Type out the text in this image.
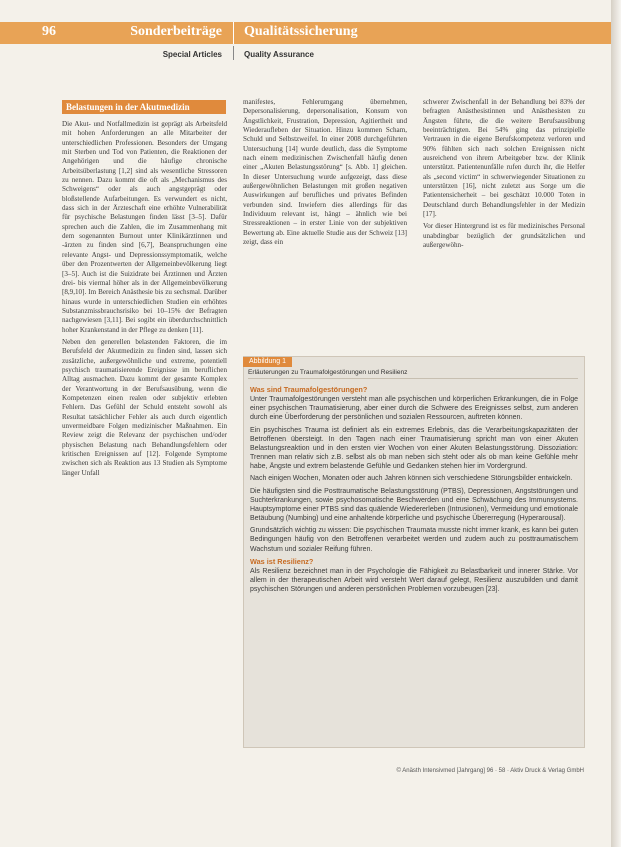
96	Sonderbeiträge Qualitätssicherung
Special Articles	Quality Assurance
Belastungen in der Akutmedizin

Die Akut- und Notfallmedizin ist geprägt als Arbeitsfeld mit hohen Anforderungen an alle Mitarbeiter der unterschiedlichen Professionen. Besonders der Umgang mit Sterben und Tod von Patienten, die Reaktionen der Angehörigen und die häufige chronische Arbeitsüberlastung [1,2] sind als wesentliche Stressoren zu nennen. Dazu kommt die oft als „Mechanismus des Schweigens“ oder als auch angstgeprägt oder bloßstellende Aufarbeitungen. Es verwundert es nicht, dass sich in der Ärzteschaft eine erhöhte Vulnerabilität für psychische Belastungen finden lässt [3–5]. Dafür sprechen auch die Zahlen, die im Zusammenhang mit dem sogenannten Burnout unter Klinikärztinnen und -ärzten zu finden sind [6,7], Beanspruchungen eine relevante Angst- und Depressionssymptomatik, welche über den Prozentwerten der Allgemeinbevölkerung liegt [3–5]. Auch ist die Suizidrate bei Ärztinnen und Ärzten drei- bis viermal höher als in der Allgemeinbevölkerung [8,9,10]. Im Bereich Anästhesie bis zu sechsmal. Darüber hinaus wurde in unterschiedlichen Studien ein erhöhtes Substanzmissbrauchsrisiko bei 10–15% der Befragten nachgewiesen [3,11]. Bei sogibt ein überdurchschnittlich hoher Krankenstand in der Pflege zu denken [11].

Neben den generellen belastenden Faktoren, die im Berufsfeld der Akutmedizin zu finden sind, lassen sich zusätzliche, außergewöhnliche und extreme, potentiell psychisch traumatisierende Ereignisse im beruflichen Alltag ausmachen. Dazu kommt der gesamte Komplex der Verantwortung in der Berufsausübung, wenn die Kompetenzen einen realen oder subjektiv erlebten Fehlern. Das Gefühl der Schuld entsteht sowohl als Resultat tatsächlicher Fehler als auch durch eigentlich unvermeidbare Folgen medizinischer Maßnahmen. Ein Review zeigt die Relevanz der psychischen und/oder physischen Belastung nach Behandlungsfehlern oder kritischen Ereignissen auf [12]. Folgende Symptome zwischen sich als Reaktion aus 13 Studien als Symptome länger Unfall

manifestes, Fehlerumgang übernehmen, Depersonalisierung, depersonalisation, Konsum von Ängstlichkeit, Frustration, Depression, Agitiertheit und Wiederaufleben der Situation. Hinzu kommen Scham, Schuld und Selbstzweifel. In einer 2008 durchgeführten Untersuchung [14] wurde deutlich, dass die Symptome nach einem medizinischen Zwischenfall häufig denen einer „Akuten Belastungsstörung“ [s. Abb. 1] gleichen. In dieser Untersuchung wurde aufgezeigt, dass diese außergewöhnlichen Belastungen mit großen negativen Auswirkungen auf berufliches und privates Befinden verbunden sind. Inwiefern dies allerdings für das Individuum relevant ist, hängt – ähnlich wie bei Stressreaktionen – in erster Linie von der subjektiven Bewertung ab. Eine aktuelle Studie aus der Schweiz [13] zeigt, dass ein

schwerer Zwischenfall in der Behandlung bei 83% der befragten Anästhesistinnen und Anästhesisten zu Ängsten führte, die die weitere Berufsausübung beeinträchtigten. Bei 54% ging das prinzipielle Vertrauen in die eigene Berufskompetenz verloren und 90% fühlten sich nach solchen Ereignissen nicht ausreichend von ihrem Arbeitgeber bzw. der Klinik unterstützt. Patientenunfälle rufen durch ihr, die Helfer als „second victim“ in schwerwiegender Situationen zu unterstützen [16], nicht zuletzt aus Sorge um die Patientensicherheit – bei geschätzt 10.000 Toten in Deutschland durch Behandlungsfehler in der Medizin [17].

Vor dieser Hintergrund ist es für medizinisches Personal unabdingbar bezüglich der grundsätzlichen und außergewöhn-

Abbildung 1
Erläuterungen zu Traumafolgestörungen und Resilienz
Was sind Traumafolgestörungen?

Unter Traumafolgestörungen versteht man alle psychischen und körperlichen Erkrankungen, die in Folge einer psychischen Traumatisierung, aber einer durch die Schwere des Ereignisses selbst, zum anderen durch eine Überforderung der persönlichen und sozialen Ressourcen, auftreten können.

Ein psychisches Trauma ist definiert als ein extremes Erlebnis, das die Verarbeitungskapazitäten der Betroffenen übersteigt. In den Tagen nach einer Traumatisierung spricht man von einer Akuten Belastungsreaktion und in den ersten vier Wochen von einer Akuten Belastungsstörung. Dissoziation: Trennen man relativ sich z.B. selbst als ob man neben sich steht oder als ob man keine Gefühle mehr habe, Ängste und extrem belastende Gefühle und Gedanken stehen hier im Vordergrund.

Nach einigen Wochen, Monaten oder auch Jahren können sich verschiedene Störungsbilder entwickeln.

Die häufigsten sind die Posttraumatische Belastungsstörung (PTBS), Depressionen, Angststörungen und Suchterkrankungen, sowie psychosomatische Beschwerden und eine Schwächung des Immunsystems. Hauptsymptome einer PTBS sind das quälende Wiedererleben (Intrusionen), Vermeidung und emotionale Betäubung (Numbing) und eine anhaltende körperliche und psychische Übererregung (Hyperarousal).

Grundsätzlich wichtig zu wissen: Die psychischen Traumata musste nicht immer krank, es kann bei guten Bedingungen häufig von den Betroffenen verarbeitet werden und zudem auch zu posttraumatischem Wachstum und sozialer Reifung führen.

Was ist Resilienz?

Als Resilienz bezeichnet man in der Psychologie die Fähigkeit zu Belastbarkeit und innerer Stärke. Vor allem in der therapeutischen Arbeit wird versteht Wert darauf gelegt, Resilienz auszubilden und damit psychischen Störungen und anderen persönlichen Problemen vorzubeugen [23].

© Anästh Intensivmed [Jahrgang] 96 · 58 · Aktiv Druck & Verlag GmbH
